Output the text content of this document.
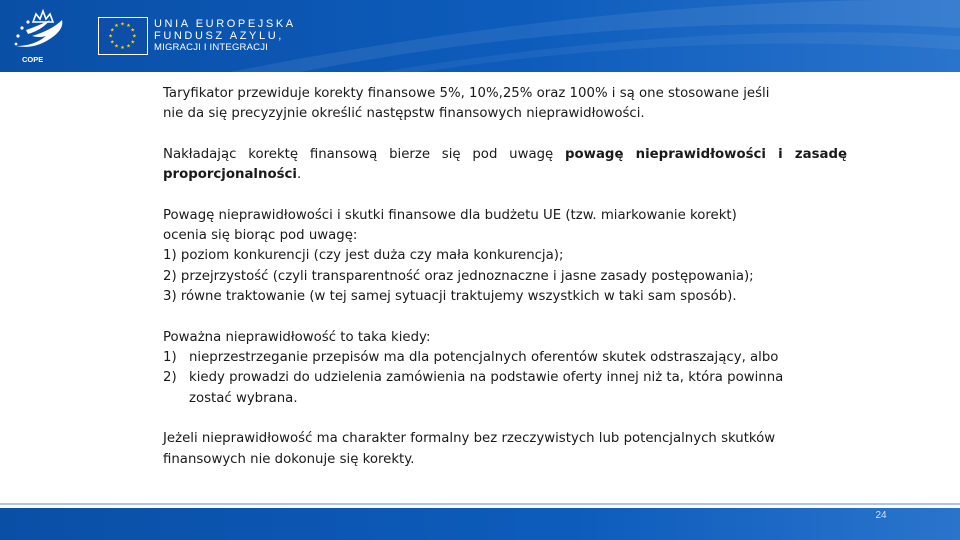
COPE
★ ★
★
★
★
★
★
★
★
★
★
★	UNIA EUROPEJSKA
FUNDUSZ AZYLU,
MIGRACJI I INTEGRACJI

Taryfikator przewiduje korekty finansowe 5%, 10%,25% oraz 100% i są one stosowane jeśli

nie da się precyzyjnie określić następstw finansowych nieprawidłowości.

Nakładając korektę finansową bierze się pod uwagę powagę nieprawidłowości i zasadę

proporcjonalności.

Powagę nieprawidłowości i skutki finansowe dla budżetu UE (tzw. miarkowanie korekt)

ocenia się biorąc pod uwagę:

1) poziom konkurencji (czy jest duża czy mała konkurencja);

2) przejrzystość (czyli transparentność oraz jednoznaczne i jasne zasady postępowania);

3) równe traktowanie (w tej samej sytuacji traktujemy wszystkich w taki sam sposób).

Poważna nieprawidłowość to taka kiedy:

1) nieprzestrzeganie przepisów ma dla potencjalnych oferentów skutek odstraszający, albo
2) kiedy prowadzi do udzielenia zamówienia na podstawie oferty innej niż ta, która powinna
zostać wybrana.

Jeżeli nieprawidłowość ma charakter formalny bez rzeczywistych lub potencjalnych skutków

finansowych nie dokonuje się korekty.

24
